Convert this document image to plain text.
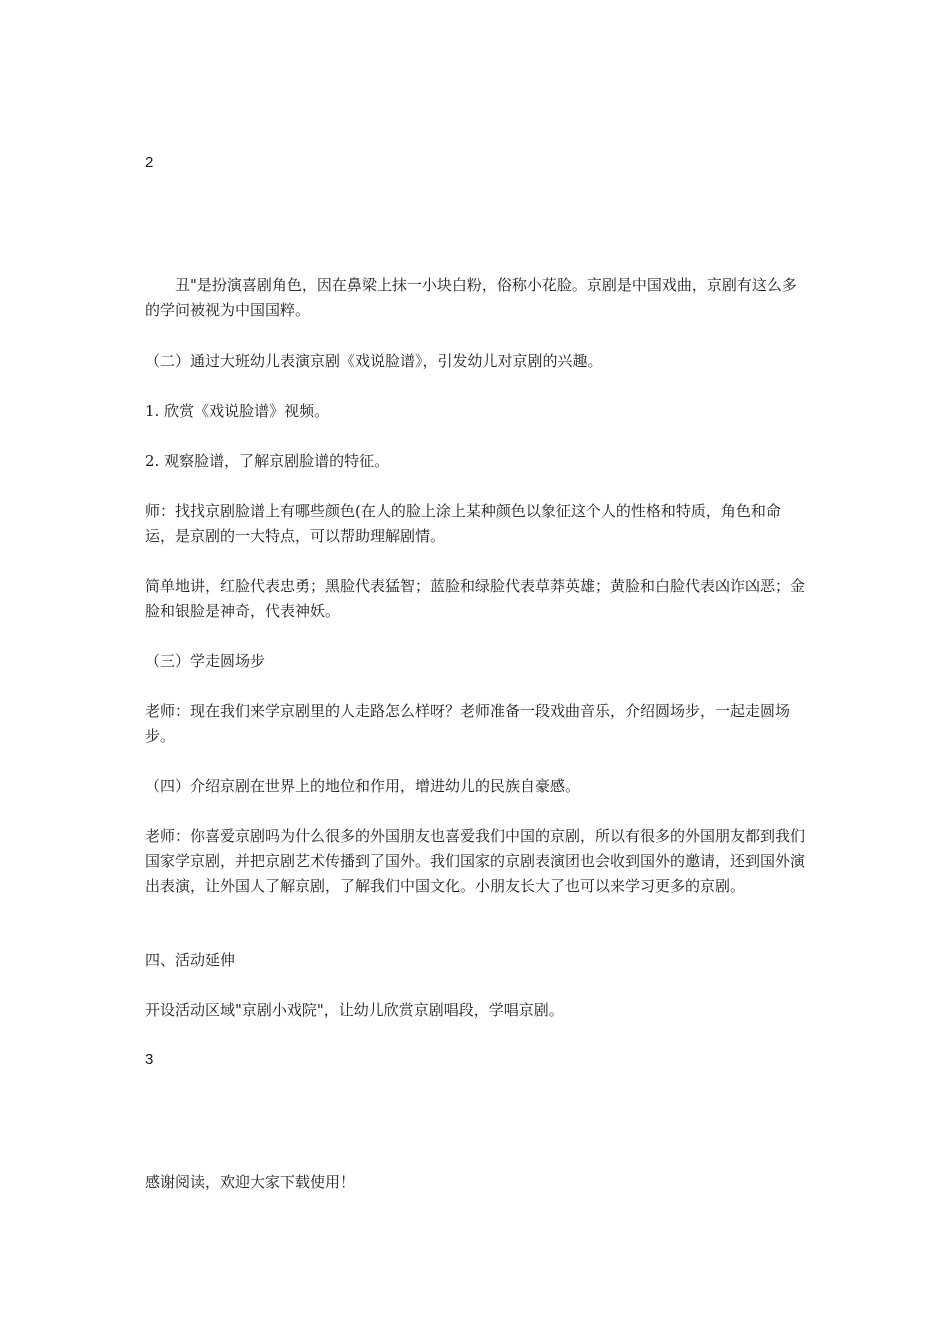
2

丑"是扮演喜剧角色，因在鼻梁上抹一小块白粉，俗称小花脸。京剧是中国戏曲，京剧有这么多的学问被视为中国国粹。

（二）通过大班幼儿表演京剧《戏说脸谱》，引发幼儿对京剧的兴趣。

1. 欣赏《戏说脸谱》视频。

2. 观察脸谱，了解京剧脸谱的特征。

师：找找京剧脸谱上有哪些颜色(在人的脸上涂上某种颜色以象征这个人的性格和特质，角色和命运，是京剧的一大特点，可以帮助理解剧情。

简单地讲，红脸代表忠勇；黑脸代表猛智；蓝脸和绿脸代表草莽英雄；黄脸和白脸代表凶诈凶恶；金脸和银脸是神奇，代表神妖。

（三）学走圆场步

老师：现在我们来学京剧里的人走路怎么样呀？老师准备一段戏曲音乐，介绍圆场步，一起走圆场步。

（四）介绍京剧在世界上的地位和作用，增进幼儿的民族自豪感。

老师：你喜爱京剧吗为什么很多的外国朋友也喜爱我们中国的京剧，所以有很多的外国朋友都到我们国家学京剧，并把京剧艺术传播到了国外。我们国家的京剧表演团也会收到国外的邀请，还到国外演出表演，让外国人了解京剧，了解我们中国文化。小朋友长大了也可以来学习更多的京剧。

四、活动延伸

开设活动区域"京剧小戏院"，让幼儿欣赏京剧唱段，学唱京剧。

3

感谢阅读，欢迎大家下载使用！
